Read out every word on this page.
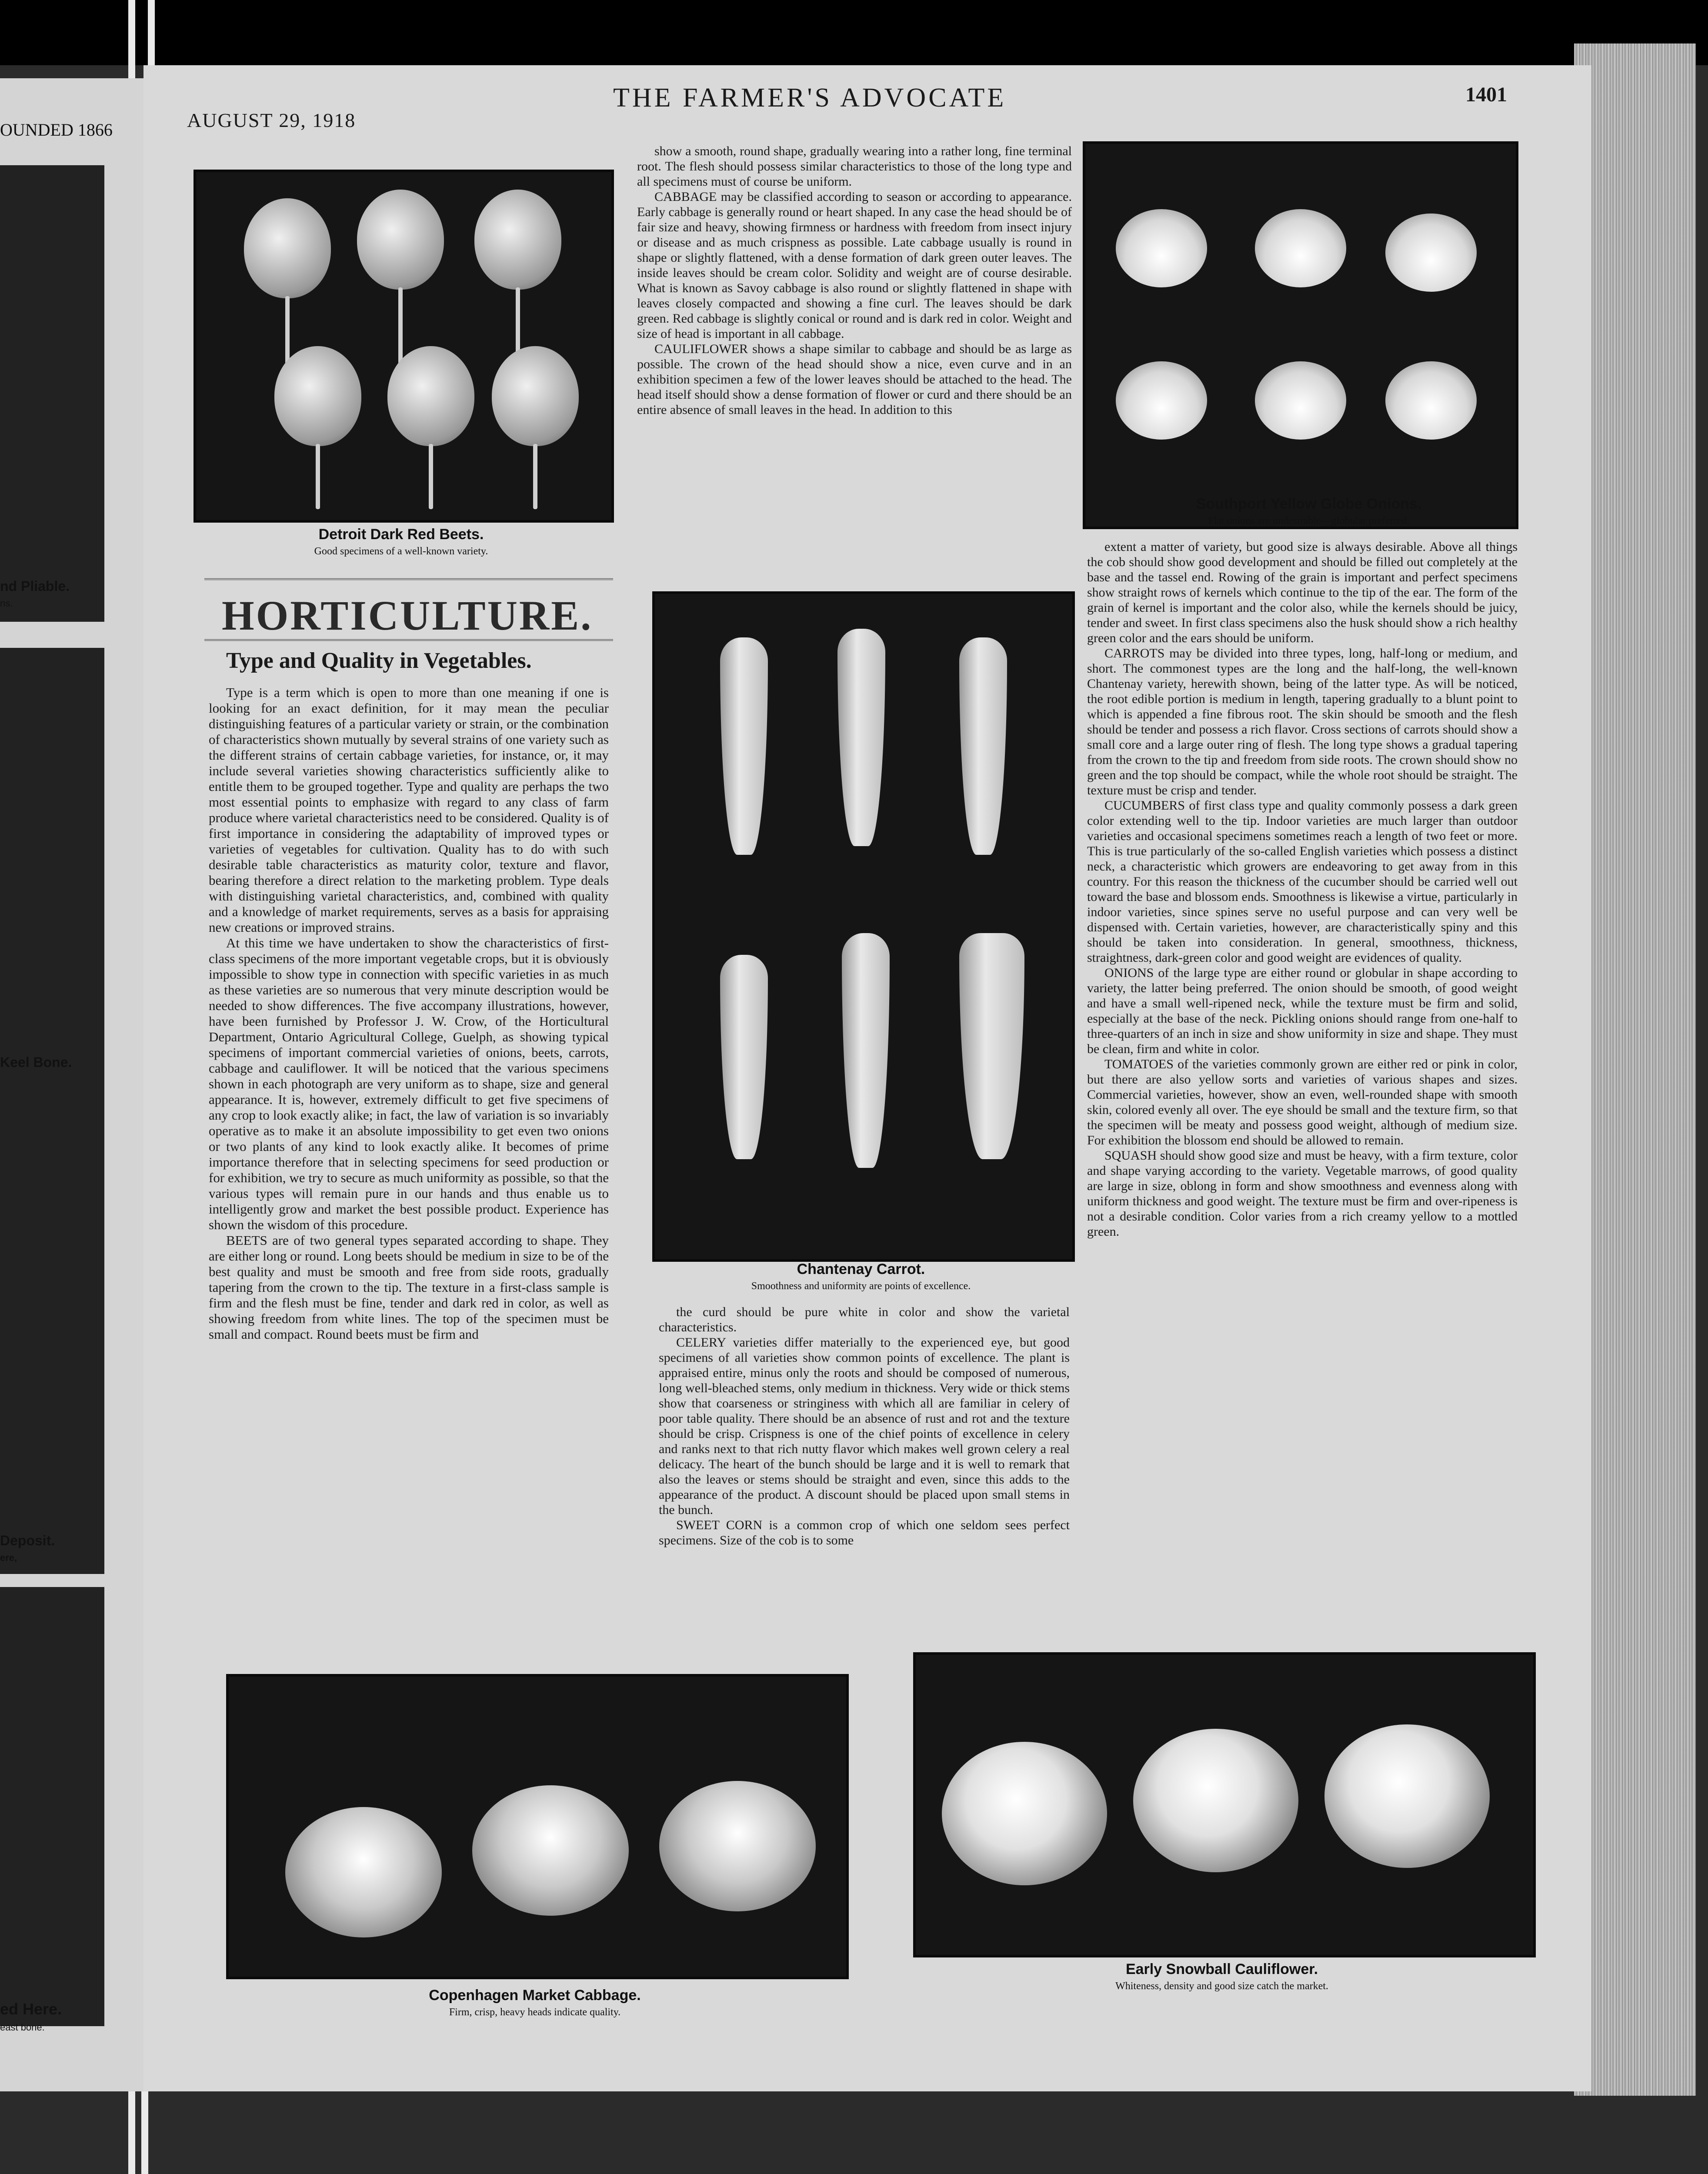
OUNDED 1866
nd Pliable.
ns.
Keel Bone.
Deposit.
ere,
ed Here.
east bone.
AUGUST 29, 1918
THE FARMER'S ADVOCATE	1401
Detroit Dark Red Beets.
Good specimens of a well-known variety.
Southport Yellow Globe Onions.
Flat onions are undesirable—globular preferred.
Chantenay Carrot.
Smoothness and uniformity are points of excellence.
HORTICULTURE.
Type and Quality in Vegetables.

Type is a term which is open to more than one meaning if one is looking for an exact definition, for it may mean the peculiar distinguishing features of a particular variety or strain, or the combination of characteristics shown mutually by several strains of one variety such as the different strains of certain cabbage varieties, for instance, or, it may include several varieties showing characteristics sufficiently alike to entitle them to be grouped together. Type and quality are perhaps the two most essential points to emphasize with regard to any class of farm produce where varietal characteristics need to be considered. Quality is of first importance in considering the adaptability of improved types or varieties of vegetables for cultivation. Quality has to do with such desirable table characteristics as maturity color, texture and flavor, bearing therefore a direct relation to the marketing problem. Type deals with distinguishing varietal characteristics, and, combined with quality and a knowledge of market requirements, serves as a basis for appraising new creations or improved strains.

At this time we have undertaken to show the characteristics of first-class specimens of the more important vegetable crops, but it is obviously impossible to show type in connection with specific varieties in as much as these varieties are so numerous that very minute description would be needed to show differences. The five accompany illustrations, however, have been furnished by Professor J. W. Crow, of the Horticultural Department, Ontario Agricultural College, Guelph, as showing typical specimens of important commercial varieties of onions, beets, carrots, cabbage and cauliflower. It will be noticed that the various specimens shown in each photograph are very uniform as to shape, size and general appearance. It is, however, extremely difficult to get five specimens of any crop to look exactly alike; in fact, the law of variation is so invariably operative as to make it an absolute impossibility to get even two onions or two plants of any kind to look exactly alike. It becomes of prime importance therefore that in selecting specimens for seed production or for exhibition, we try to secure as much uniformity as possible, so that the various types will remain pure in our hands and thus enable us to intelligently grow and market the best possible product. Experience has shown the wisdom of this procedure.

BEETS are of two general types separated according to shape. They are either long or round. Long beets should be medium in size to be of the best quality and must be smooth and free from side roots, gradually tapering from the crown to the tip. The texture in a first-class sample is firm and the flesh must be fine, tender and dark red in color, as well as showing freedom from white lines. The top of the specimen must be small and compact. Round beets must be firm and

show a smooth, round shape, gradually wearing into a rather long, fine terminal root. The flesh should possess similar characteristics to those of the long type and all specimens must of course be uniform.

CABBAGE may be classified according to season or according to appearance. Early cabbage is generally round or heart shaped. In any case the head should be of fair size and heavy, showing firmness or hardness with freedom from insect injury or disease and as much crispness as possible. Late cabbage usually is round in shape or slightly flattened, with a dense formation of dark green outer leaves. The inside leaves should be cream color. Solidity and weight are of course desirable. What is known as Savoy cabbage is also round or slightly flattened in shape with leaves closely compacted and showing a fine curl. The leaves should be dark green. Red cabbage is slightly conical or round and is dark red in color. Weight and size of head is important in all cabbage.

CAULIFLOWER shows a shape similar to cabbage and should be as large as possible. The crown of the head should show a nice, even curve and in an exhibition specimen a few of the lower leaves should be attached to the head. The head itself should show a dense formation of flower or curd and there should be an entire absence of small leaves in the head. In addition to this

the curd should be pure white in color and show the varietal characteristics.

CELERY varieties differ materially to the experienced eye, but good specimens of all varieties show common points of excellence. The plant is appraised entire, minus only the roots and should be composed of numerous, long well-bleached stems, only medium in thickness. Very wide or thick stems show that coarseness or stringiness with which all are familiar in celery of poor table quality. There should be an absence of rust and rot and the texture should be crisp. Crispness is one of the chief points of excellence in celery and ranks next to that rich nutty flavor which makes well grown celery a real delicacy. The heart of the bunch should be large and it is well to remark that also the leaves or stems should be straight and even, since this adds to the appearance of the product. A discount should be placed upon small stems in the bunch.

SWEET CORN is a common crop of which one seldom sees perfect specimens. Size of the cob is to some

extent a matter of variety, but good size is always desirable. Above all things the cob should show good development and should be filled out completely at the base and the tassel end. Rowing of the grain is important and perfect specimens show straight rows of kernels which continue to the tip of the ear. The form of the grain of kernel is important and the color also, while the kernels should be juicy, tender and sweet. In first class specimens also the husk should show a rich healthy green color and the ears should be uniform.

CARROTS may be divided into three types, long, half-long or medium, and short. The commonest types are the long and the half-long, the well-known Chantenay variety, herewith shown, being of the latter type. As will be noticed, the root edible portion is medium in length, tapering gradually to a blunt point to which is appended a fine fibrous root. The skin should be smooth and the flesh should be tender and possess a rich flavor. Cross sections of carrots should show a small core and a large outer ring of flesh. The long type shows a gradual tapering from the crown to the tip and freedom from side roots. The crown should show no green and the top should be compact, while the whole root should be straight. The texture must be crisp and tender.

CUCUMBERS of first class type and quality commonly possess a dark green color extending well to the tip. Indoor varieties are much larger than outdoor varieties and occasional specimens sometimes reach a length of two feet or more. This is true particularly of the so-called English varieties which possess a distinct neck, a characteristic which growers are endeavoring to get away from in this country. For this reason the thickness of the cucumber should be carried well out toward the base and blossom ends. Smoothness is likewise a virtue, particularly in indoor varieties, since spines serve no useful purpose and can very well be dispensed with. Certain varieties, however, are characteristically spiny and this should be taken into consideration. In general, smoothness, thickness, straightness, dark-green color and good weight are evidences of quality.

ONIONS of the large type are either round or globular in shape according to variety, the latter being preferred. The onion should be smooth, of good weight and have a small well-ripened neck, while the texture must be firm and solid, especially at the base of the neck. Pickling onions should range from one-half to three-quarters of an inch in size and show uniformity in size and shape. They must be clean, firm and white in color.

TOMATOES of the varieties commonly grown are either red or pink in color, but there are also yellow sorts and varieties of various shapes and sizes. Commercial varieties, however, show an even, well-rounded shape with smooth skin, colored evenly all over. The eye should be small and the texture firm, so that the specimen will be meaty and possess good weight, although of medium size. For exhibition the blossom end should be allowed to remain.

SQUASH should show good size and must be heavy, with a firm texture, color and shape varying according to the variety. Vegetable marrows, of good quality are large in size, oblong in form and show smoothness and evenness along with uniform thickness and good weight. The texture must be firm and over-ripeness is not a desirable condition. Color varies from a rich creamy yellow to a mottled green.

Copenhagen Market Cabbage.
Firm, crisp, heavy heads indicate quality.
Early Snowball Cauliflower.
Whiteness, density and good size catch the market.
